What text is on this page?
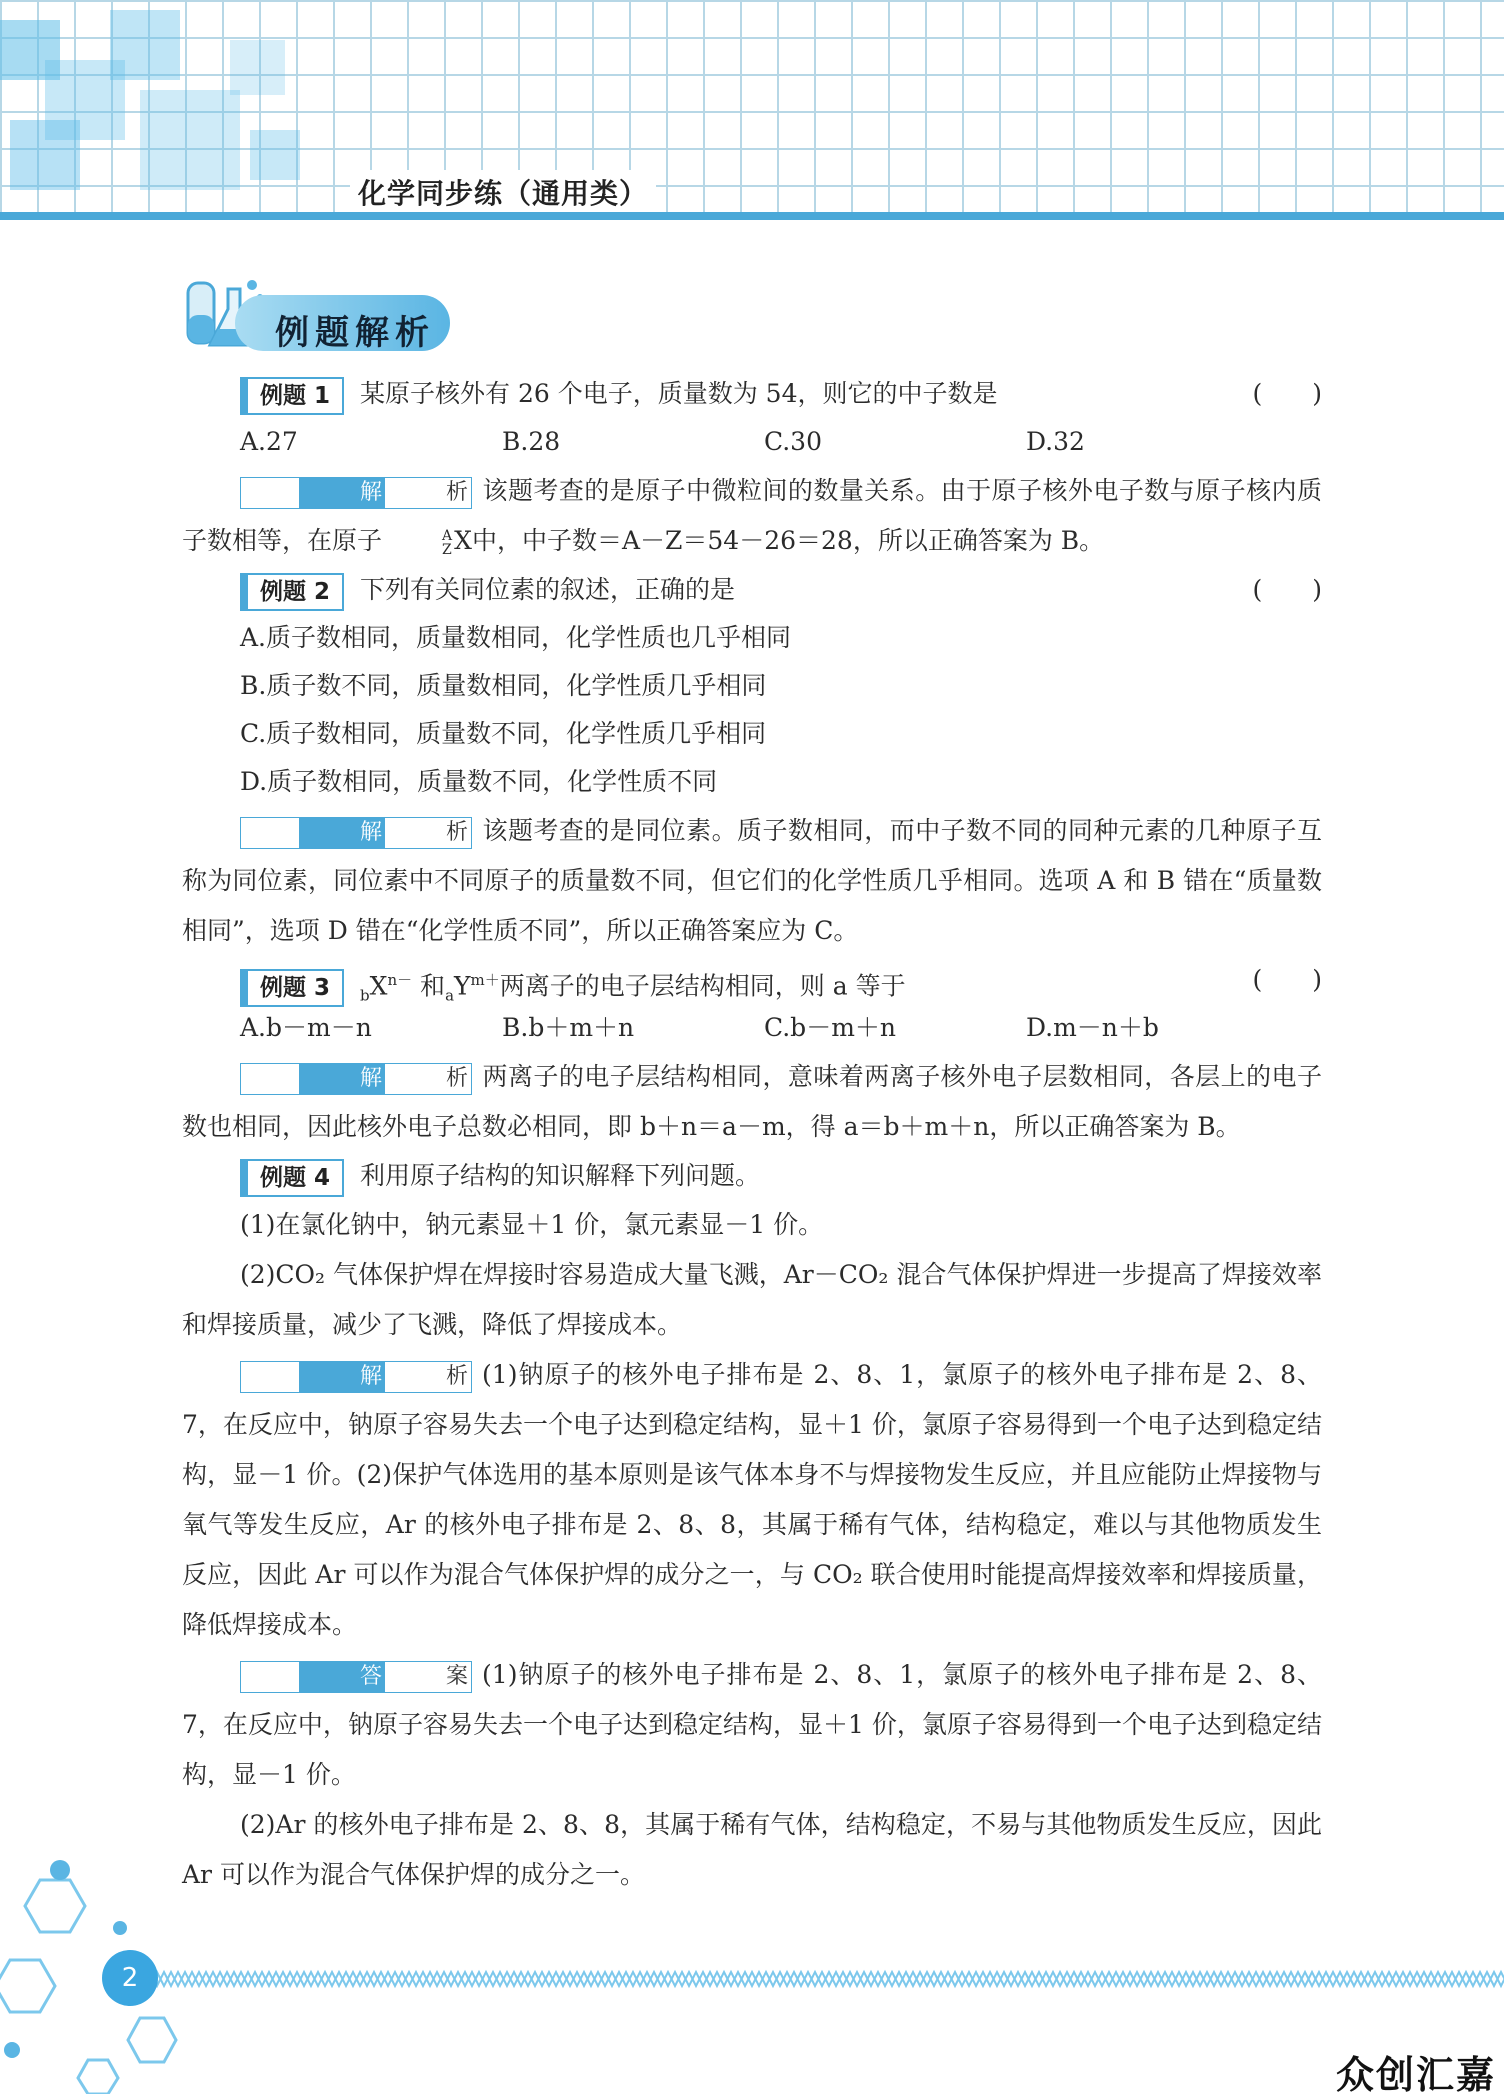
化学同步练（通用类）
例题解析
例题 1 某原子核外有 26 个电子，质量数为 54，则它的中子数是	(　　)
A.27	B.28	C.30	D.32
解	析 该题考查的是原子中微粒间的数量关系。由于原子核外电子数与原子核内质子数相等，在原子	A
Z X中，中子数＝A－Z＝54－26＝28，所以正确答案为 B。
例题 2 下列有关同位素的叙述，正确的是	(　　)
A.质子数相同，质量数相同，化学性质也几乎相同
B.质子数不同，质量数相同，化学性质几乎相同
C.质子数相同，质量数不同，化学性质几乎相同
D.质子数相同，质量数不同，化学性质不同
解	析 该题考查的是同位素。质子数相同，而中子数不同的同种元素的几种原子互称为同位素，同位素中不同原子的质量数不同，但它们的化学性质几乎相同。选项 A 和 B 错在“质量数相同”，选项 D 错在“化学性质不同”，所以正确答案应为 C。
例题 3 $_bX^{n-}$ 和$_aY^{m+}$两离子的电子层结构相同，则 a 等于	(　　)
A.b－m－n	B.b＋m＋n	C.b－m＋n	D.m－n＋b
解	析 两离子的电子层结构相同，意味着两离子核外电子层数相同，各层上的电子数也相同，因此核外电子总数必相同，即 b＋n＝a－m，得 a＝b＋m＋n，所以正确答案为 B。
例题 4 利用原子结构的知识解释下列问题。
(1)在氯化钠中，钠元素显＋1 价，氯元素显－1 价。
(2)CO₂ 气体保护焊在焊接时容易造成大量飞溅，Ar－CO₂ 混合气体保护焊进一步提高了焊接效率和焊接质量，减少了飞溅，降低了焊接成本。
解	析 (1)钠原子的核外电子排布是 2、8、1，氯原子的核外电子排布是 2、8、7，在反应中，钠原子容易失去一个电子达到稳定结构，显＋1 价，氯原子容易得到一个电子达到稳定结构，显－1 价。(2)保护气体选用的基本原则是该气体本身不与焊接物发生反应，并且应能防止焊接物与氧气等发生反应，Ar 的核外电子排布是 2、8、8，其属于稀有气体，结构稳定，难以与其他物质发生反应，因此 Ar 可以作为混合气体保护焊的成分之一，与 CO₂ 联合使用时能提高焊接效率和焊接质量，降低焊接成本。
答	案 (1)钠原子的核外电子排布是 2、8、1，氯原子的核外电子排布是 2、8、7，在反应中，钠原子容易失去一个电子达到稳定结构，显＋1 价，氯原子容易得到一个电子达到稳定结构，显－1 价。
(2)Ar 的核外电子排布是 2、8、8，其属于稀有气体，结构稳定，不易与其他物质发生反应，因此 Ar 可以作为混合气体保护焊的成分之一。
2
众创汇嘉
